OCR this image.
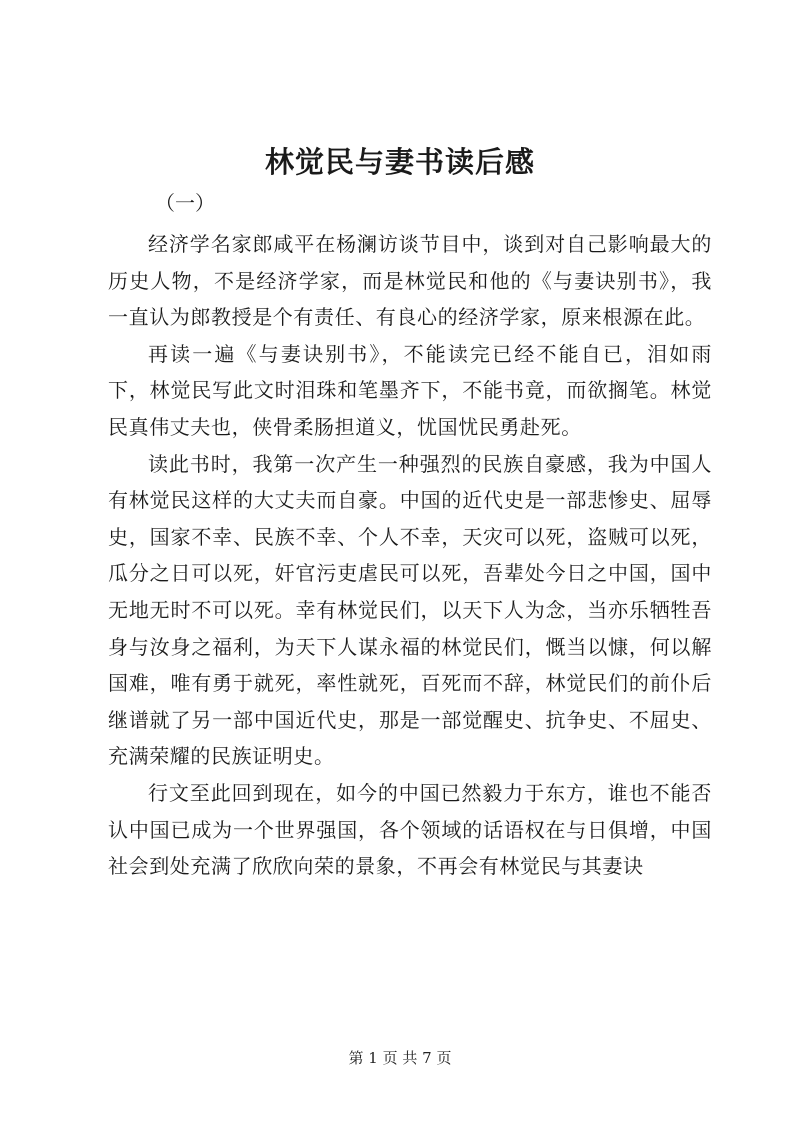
林觉民与妻书读后感
（一）

经济学名家郎咸平在杨澜访谈节目中，谈到对自己影响最大的历史人物，不是经济学家，而是林觉民和他的《与妻诀别书》，我一直认为郎教授是个有责任、有良心的经济学家，原来根源在此。

再读一遍《与妻诀别书》，不能读完已经不能自已，泪如雨下，林觉民写此文时泪珠和笔墨齐下，不能书竟，而欲搁笔。林觉民真伟丈夫也，侠骨柔肠担道义，忧国忧民勇赴死。

读此书时，我第一次产生一种强烈的民族自豪感，我为中国人有林觉民这样的大丈夫而自豪。中国的近代史是一部悲惨史、屈辱史，国家不幸、民族不幸、个人不幸，天灾可以死，盗贼可以死，瓜分之日可以死，奸官污吏虐民可以死，吾辈处今日之中国，国中无地无时不可以死。幸有林觉民们，以天下人为念，当亦乐牺牲吾身与汝身之福利，为天下人谋永福的林觉民们，慨当以慷，何以解国难，唯有勇于就死，率性就死，百死而不辞，林觉民们的前仆后继谱就了另一部中国近代史，那是一部觉醒史、抗争史、不屈史、充满荣耀的民族证明史。

行文至此回到现在，如今的中国已然毅力于东方，谁也不能否认中国已成为一个世界强国，各个领域的话语权在与日俱增，中国社会到处充满了欣欣向荣的景象，不再会有林觉民与其妻诀

第 1 页 共 7 页
